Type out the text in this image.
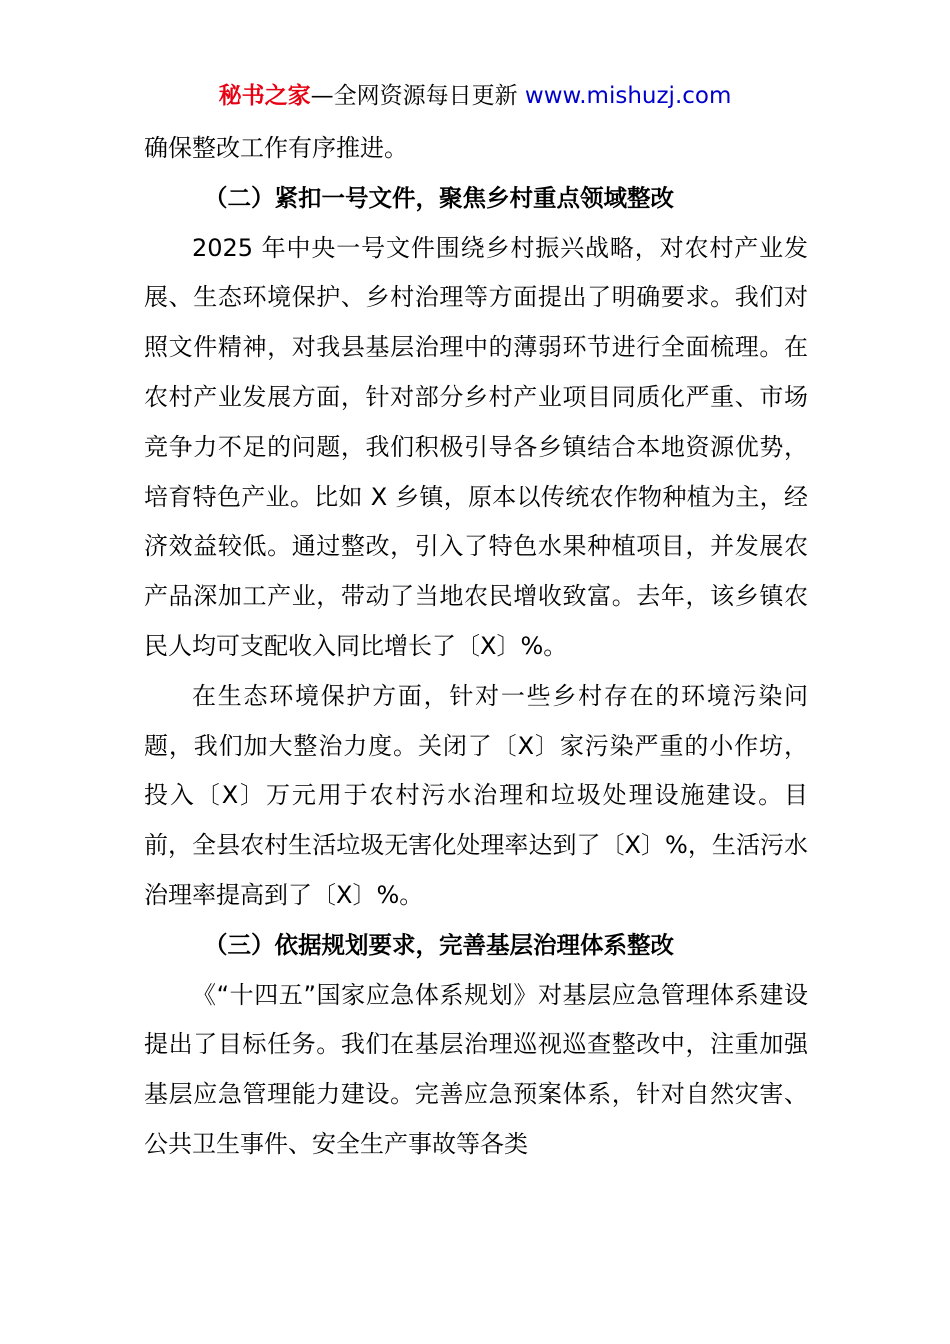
秘书之家—全网资源每日更新 www.mishuzj.com

确保整改工作有序推进。

（二）紧扣一号文件，聚焦乡村重点领域整改

2025 年中央一号文件围绕乡村振兴战略，对农村产业发展、生态环境保护、乡村治理等方面提出了明确要求。我们对照文件精神，对我县基层治理中的薄弱环节进行全面梳理。在农村产业发展方面，针对部分乡村产业项目同质化严重、市场竞争力不足的问题，我们积极引导各乡镇结合本地资源优势，培育特色产业。比如 X 乡镇，原本以传统农作物种植为主，经济效益较低。通过整改，引入了特色水果种植项目，并发展农产品深加工产业，带动了当地农民增收致富。去年，该乡镇农民人均可支配收入同比增长了〔X〕%。

在生态环境保护方面，针对一些乡村存在的环境污染问题，我们加大整治力度。关闭了〔X〕家污染严重的小作坊，投入〔X〕万元用于农村污水治理和垃圾处理设施建设。目前，全县农村生活垃圾无害化处理率达到了〔X〕%，生活污水治理率提高到了〔X〕%。

（三）依据规划要求，完善基层治理体系整改

《“十四五”国家应急体系规划》对基层应急管理体系建设提出了目标任务。我们在基层治理巡视巡查整改中，注重加强基层应急管理能力建设。完善应急预案体系，针对自然灾害、公共卫生事件、安全生产事故等各类
